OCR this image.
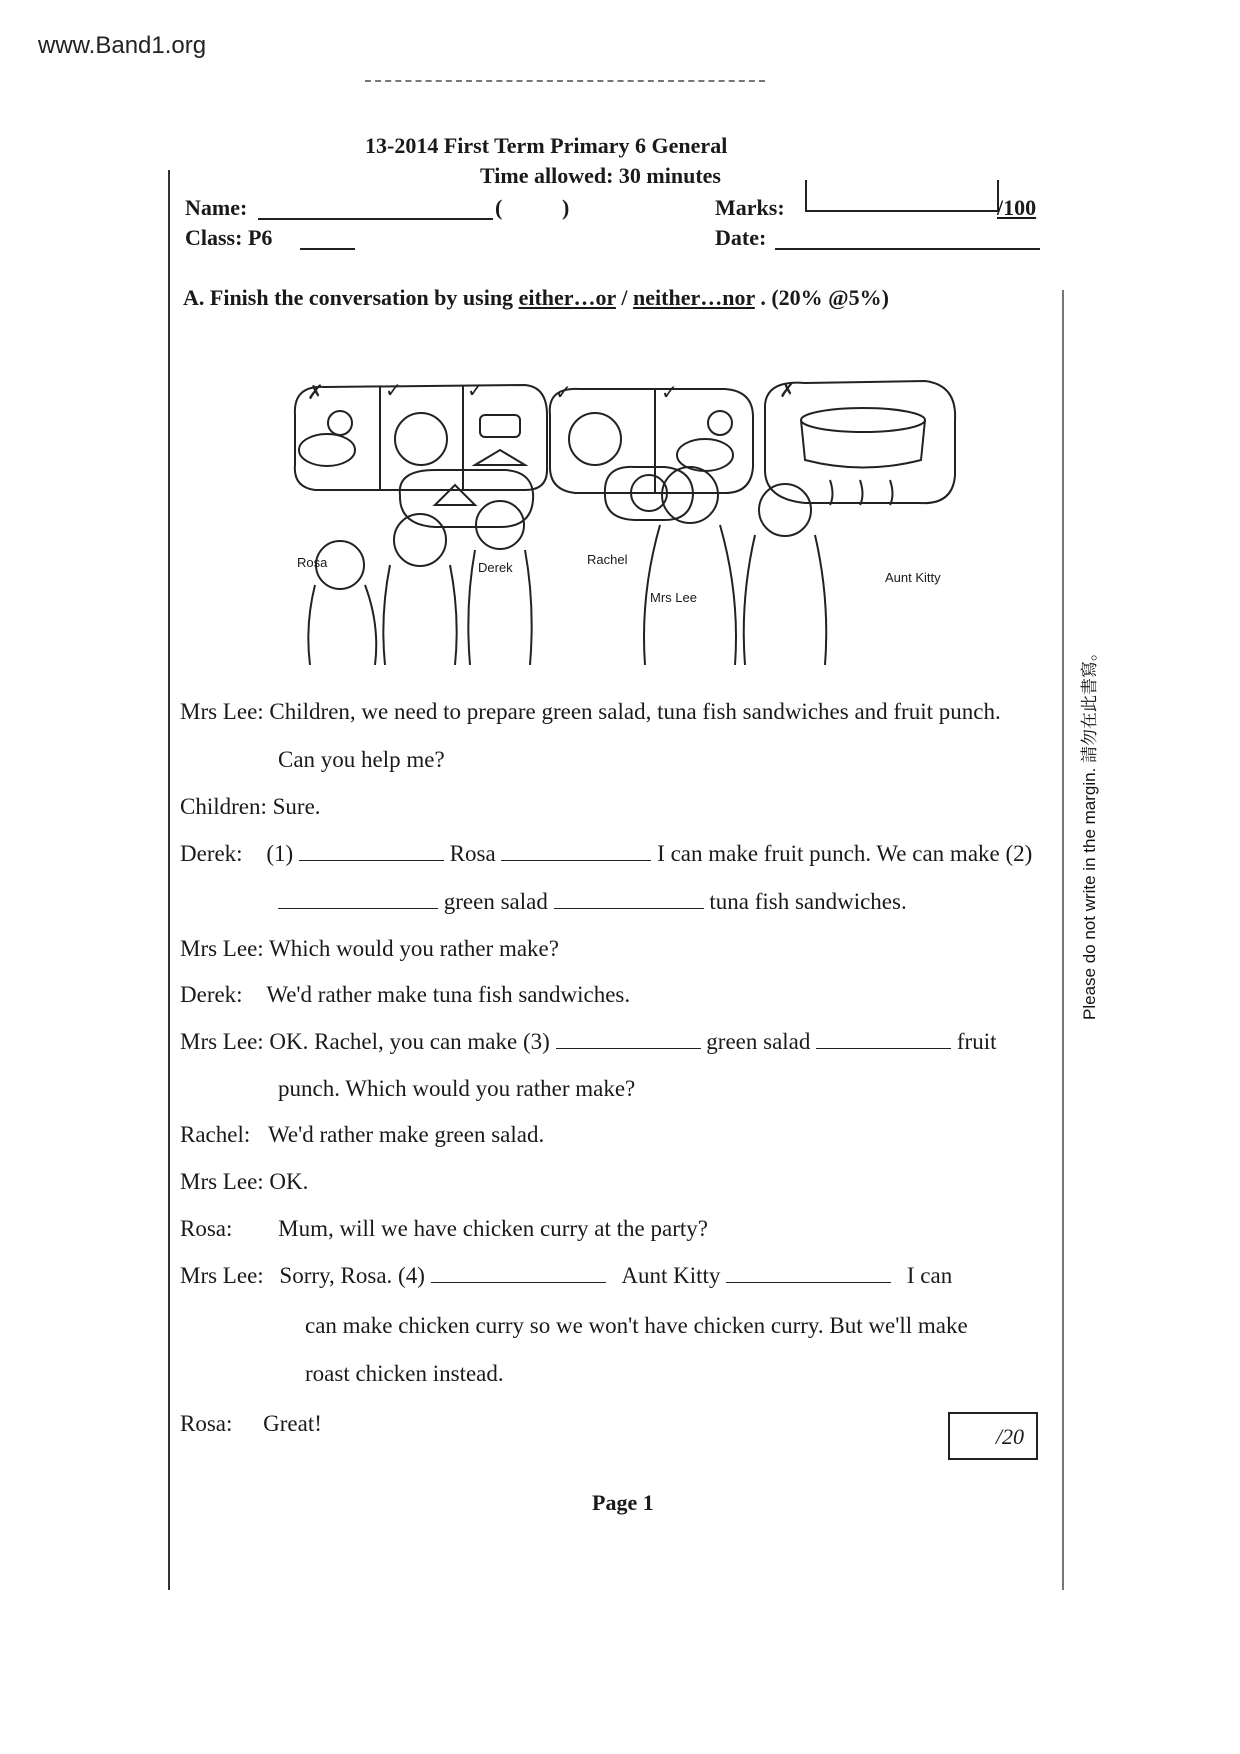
www.Band1.org
13-2014 First Term Primary 6 General
Time allowed: 30 minutes
Name:	(	)	Marks:	/100
Class: P6	Date:
A. Finish the conversation by using either…or / neither…nor . (20% @5%)
✗	✓	✓	✓	✓	✗
Rosa	Derek
Rachel
Mrs Lee
Aunt Kitty
Mrs Lee: Children, we need to prepare green salad, tuna fish sandwiches and fruit punch.
Can you help me?
Children: Sure.
Derek: (1)	Rosa	I can make fruit punch. We can make (2)
green salad	tuna fish sandwiches.
Mrs Lee: Which would you rather make?
Derek: We'd rather make tuna fish sandwiches.
Mrs Lee: OK. Rachel, you can make (3)	green salad	fruit
punch. Which would you rather make?
Rachel: We'd rather make green salad.
Mrs Lee: OK.
Rosa: Mum, will we have chicken curry at the party?
Mrs Lee: Sorry, Rosa. (4)	Aunt Kitty	I can
can make chicken curry so we won't have chicken curry. But we'll make
roast chicken instead.
Rosa: Great!
/20
Please do not write in the margin. 請勿在此書寫。
Page 1
